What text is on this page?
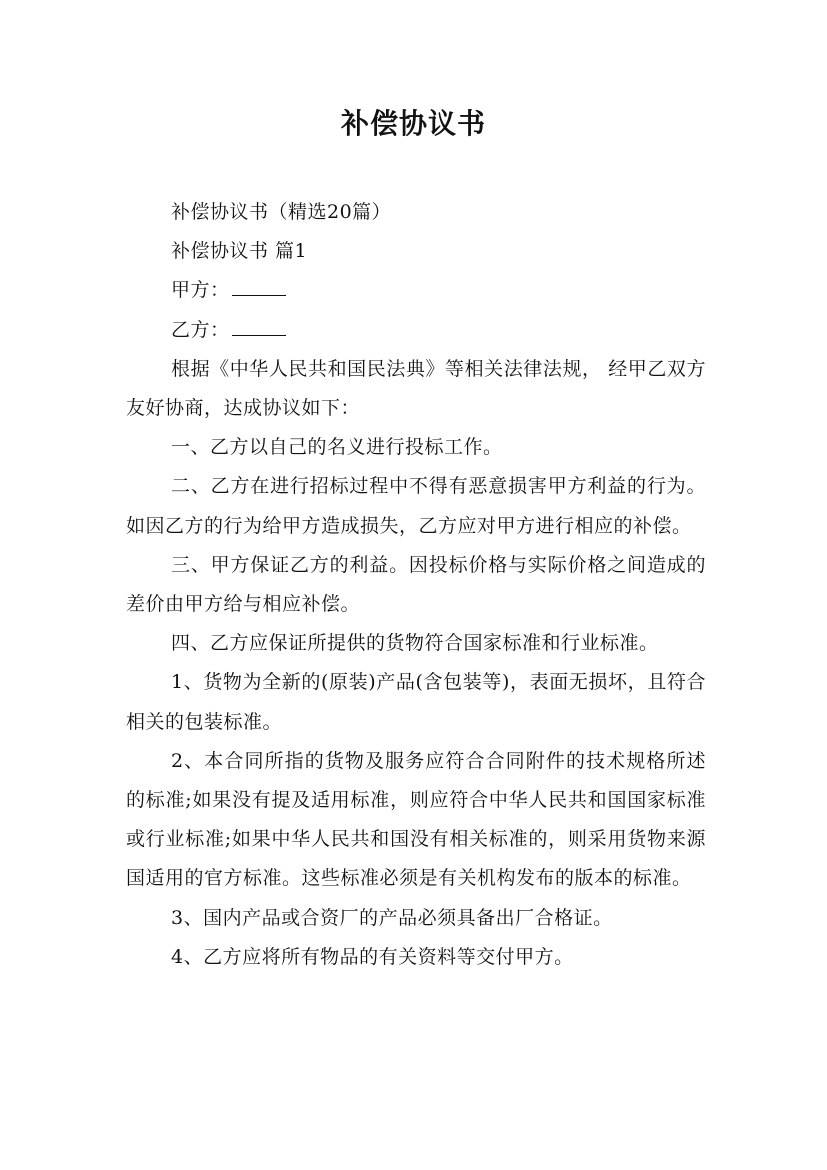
补偿协议书

补偿协议书（精选20篇）

补偿协议书 篇1

甲方：

乙方：

根据《中华人民共和国民法典》等相关法律法规， 经甲乙双方友好协商，达成协议如下：

一、乙方以自己的名义进行投标工作。

二、乙方在进行招标过程中不得有恶意损害甲方利益的行为。如因乙方的行为给甲方造成损失，乙方应对甲方进行相应的补偿。

三、甲方保证乙方的利益。因投标价格与实际价格之间造成的差价由甲方给与相应补偿。

四、乙方应保证所提供的货物符合国家标准和行业标准。

1、货物为全新的(原装)产品(含包装等)，表面无损坏，且符合相关的包装标准。

2、本合同所指的货物及服务应符合合同附件的技术规格所述的标准;如果没有提及适用标准，则应符合中华人民共和国国家标准或行业标准;如果中华人民共和国没有相关标准的，则采用货物来源国适用的官方标准。这些标准必须是有关机构发布的版本的标准。

3、国内产品或合资厂的产品必须具备出厂合格证。

4、乙方应将所有物品的有关资料等交付甲方。
